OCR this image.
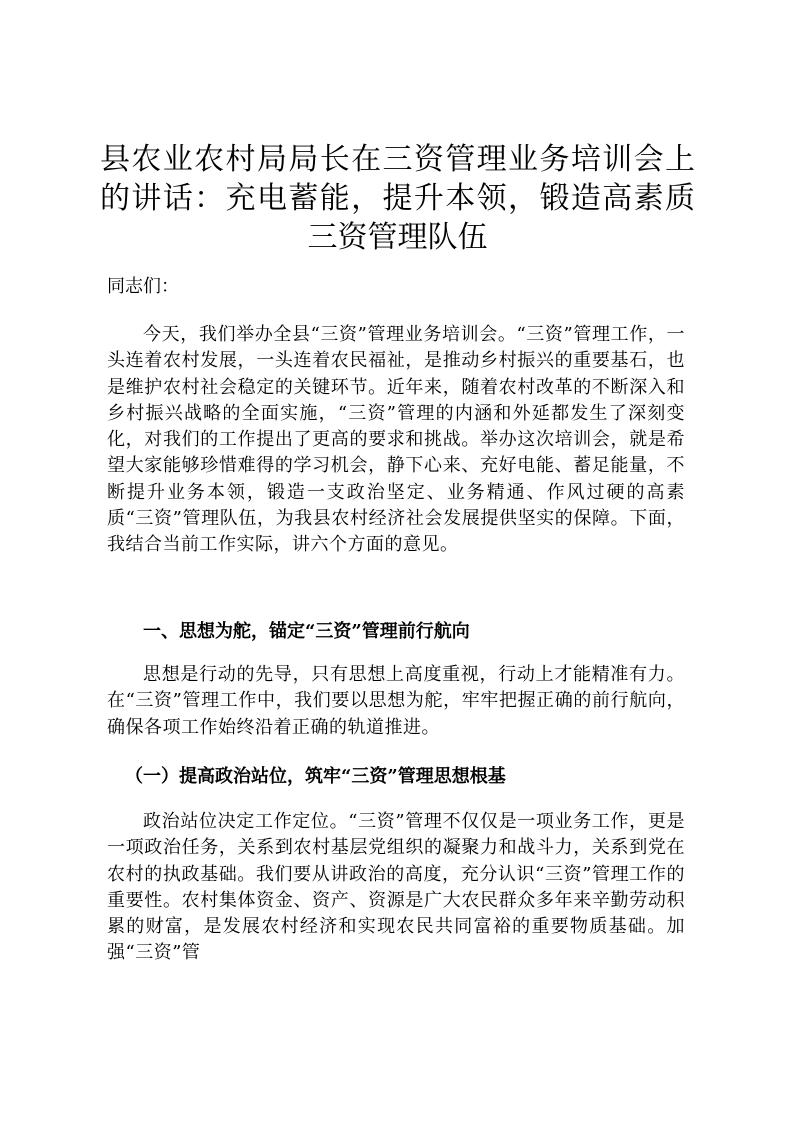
县农业农村局局长在三资管理业务培训会上的讲话：充电蓄能，提升本领，锻造高素质三资管理队伍

同志们：

今天，我们举办全县“三资”管理业务培训会。“三资”管理工作，一头连着农村发展，一头连着农民福祉，是推动乡村振兴的重要基石，也是维护农村社会稳定的关键环节。近年来，随着农村改革的不断深入和乡村振兴战略的全面实施，“三资”管理的内涵和外延都发生了深刻变化，对我们的工作提出了更高的要求和挑战。举办这次培训会，就是希望大家能够珍惜难得的学习机会，静下心来、充好电能、蓄足能量，不断提升业务本领，锻造一支政治坚定、业务精通、作风过硬的高素质“三资”管理队伍，为我县农村经济社会发展提供坚实的保障。下面，我结合当前工作实际，讲六个方面的意见。

一、思想为舵，锚定“三资”管理前行航向

思想是行动的先导，只有思想上高度重视，行动上才能精准有力。在“三资”管理工作中，我们要以思想为舵，牢牢把握正确的前行航向，确保各项工作始终沿着正确的轨道推进。

（一）提高政治站位，筑牢“三资”管理思想根基

政治站位决定工作定位。“三资”管理不仅仅是一项业务工作，更是一项政治任务，关系到农村基层党组织的凝聚力和战斗力，关系到党在农村的执政基础。我们要从讲政治的高度，充分认识“三资”管理工作的重要性。农村集体资金、资产、资源是广大农民群众多年来辛勤劳动积累的财富，是发展农村经济和实现农民共同富裕的重要物质基础。加强“三资”管
